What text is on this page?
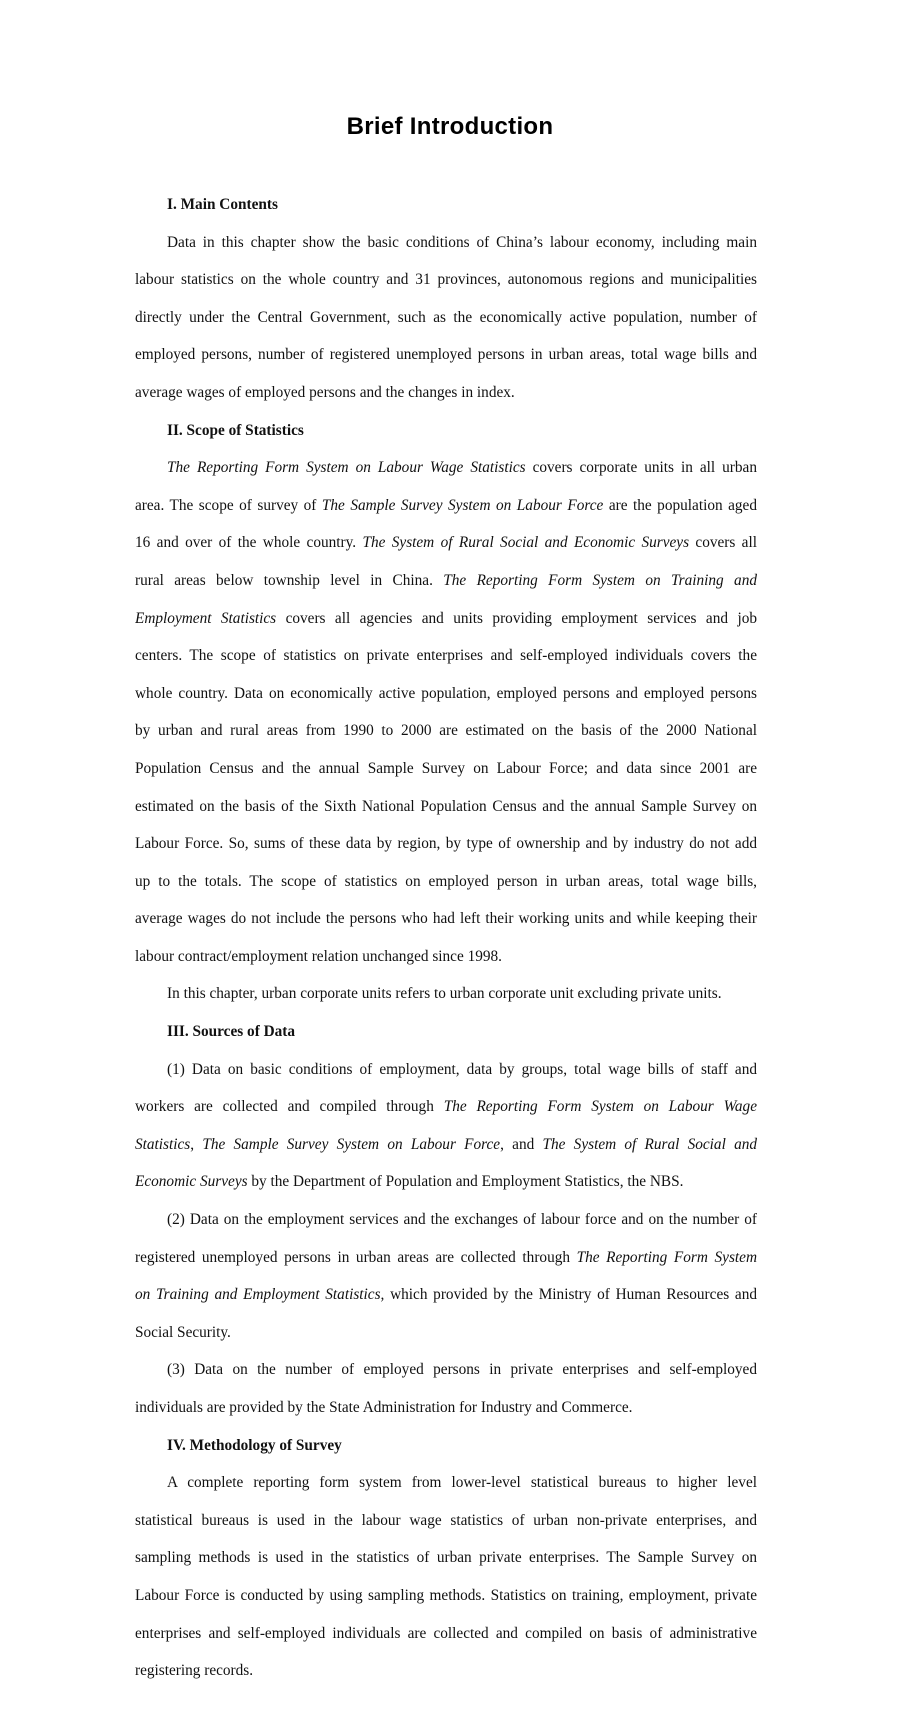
Brief Introduction
I. Main Contents
Data in this chapter show the basic conditions of China’s labour economy, including main
labour statistics on the whole country and 31 provinces, autonomous regions and municipalities
directly under the Central Government, such as the economically active population, number of
employed persons, number of registered unemployed persons in urban areas, total wage bills and
average wages of employed persons and the changes in index.
II. Scope of Statistics
The Reporting Form System on Labour Wage Statistics covers corporate units in all urban
area. The scope of survey of The Sample Survey System on Labour Force are the population aged
16 and over of the whole country. The System of Rural Social and Economic Surveys covers all
rural areas below township level in China. The Reporting Form System on Training and
Employment Statistics covers all agencies and units providing employment services and job
centers. The scope of statistics on private enterprises and self-employed individuals covers the
whole country. Data on economically active population, employed persons and employed persons
by urban and rural areas from 1990 to 2000 are estimated on the basis of the 2000 National
Population Census and the annual Sample Survey on Labour Force; and data since 2001 are
estimated on the basis of the Sixth National Population Census and the annual Sample Survey on
Labour Force. So, sums of these data by region, by type of ownership and by industry do not add
up to the totals. The scope of statistics on employed person in urban areas, total wage bills,
average wages do not include the persons who had left their working units and while keeping their
labour contract/employment relation unchanged since 1998.
In this chapter, urban corporate units refers to urban corporate unit excluding private units.
III. Sources of Data
(1) Data on basic conditions of employment, data by groups, total wage bills of staff and
workers are collected and compiled through The Reporting Form System on Labour Wage
Statistics, The Sample Survey System on Labour Force, and The System of Rural Social and
Economic Surveys by the Department of Population and Employment Statistics, the NBS.
(2) Data on the employment services and the exchanges of labour force and on the number of
registered unemployed persons in urban areas are collected through The Reporting Form System
on Training and Employment Statistics, which provided by the Ministry of Human Resources and
Social Security.
(3) Data on the number of employed persons in private enterprises and self-employed
individuals are provided by the State Administration for Industry and Commerce.
IV. Methodology of Survey
A complete reporting form system from lower-level statistical bureaus to higher level
statistical bureaus is used in the labour wage statistics of urban non-private enterprises, and
sampling methods is used in the statistics of urban private enterprises. The Sample Survey on
Labour Force is conducted by using sampling methods. Statistics on training, employment, private
enterprises and self-employed individuals are collected and compiled on basis of administrative
registering records.
